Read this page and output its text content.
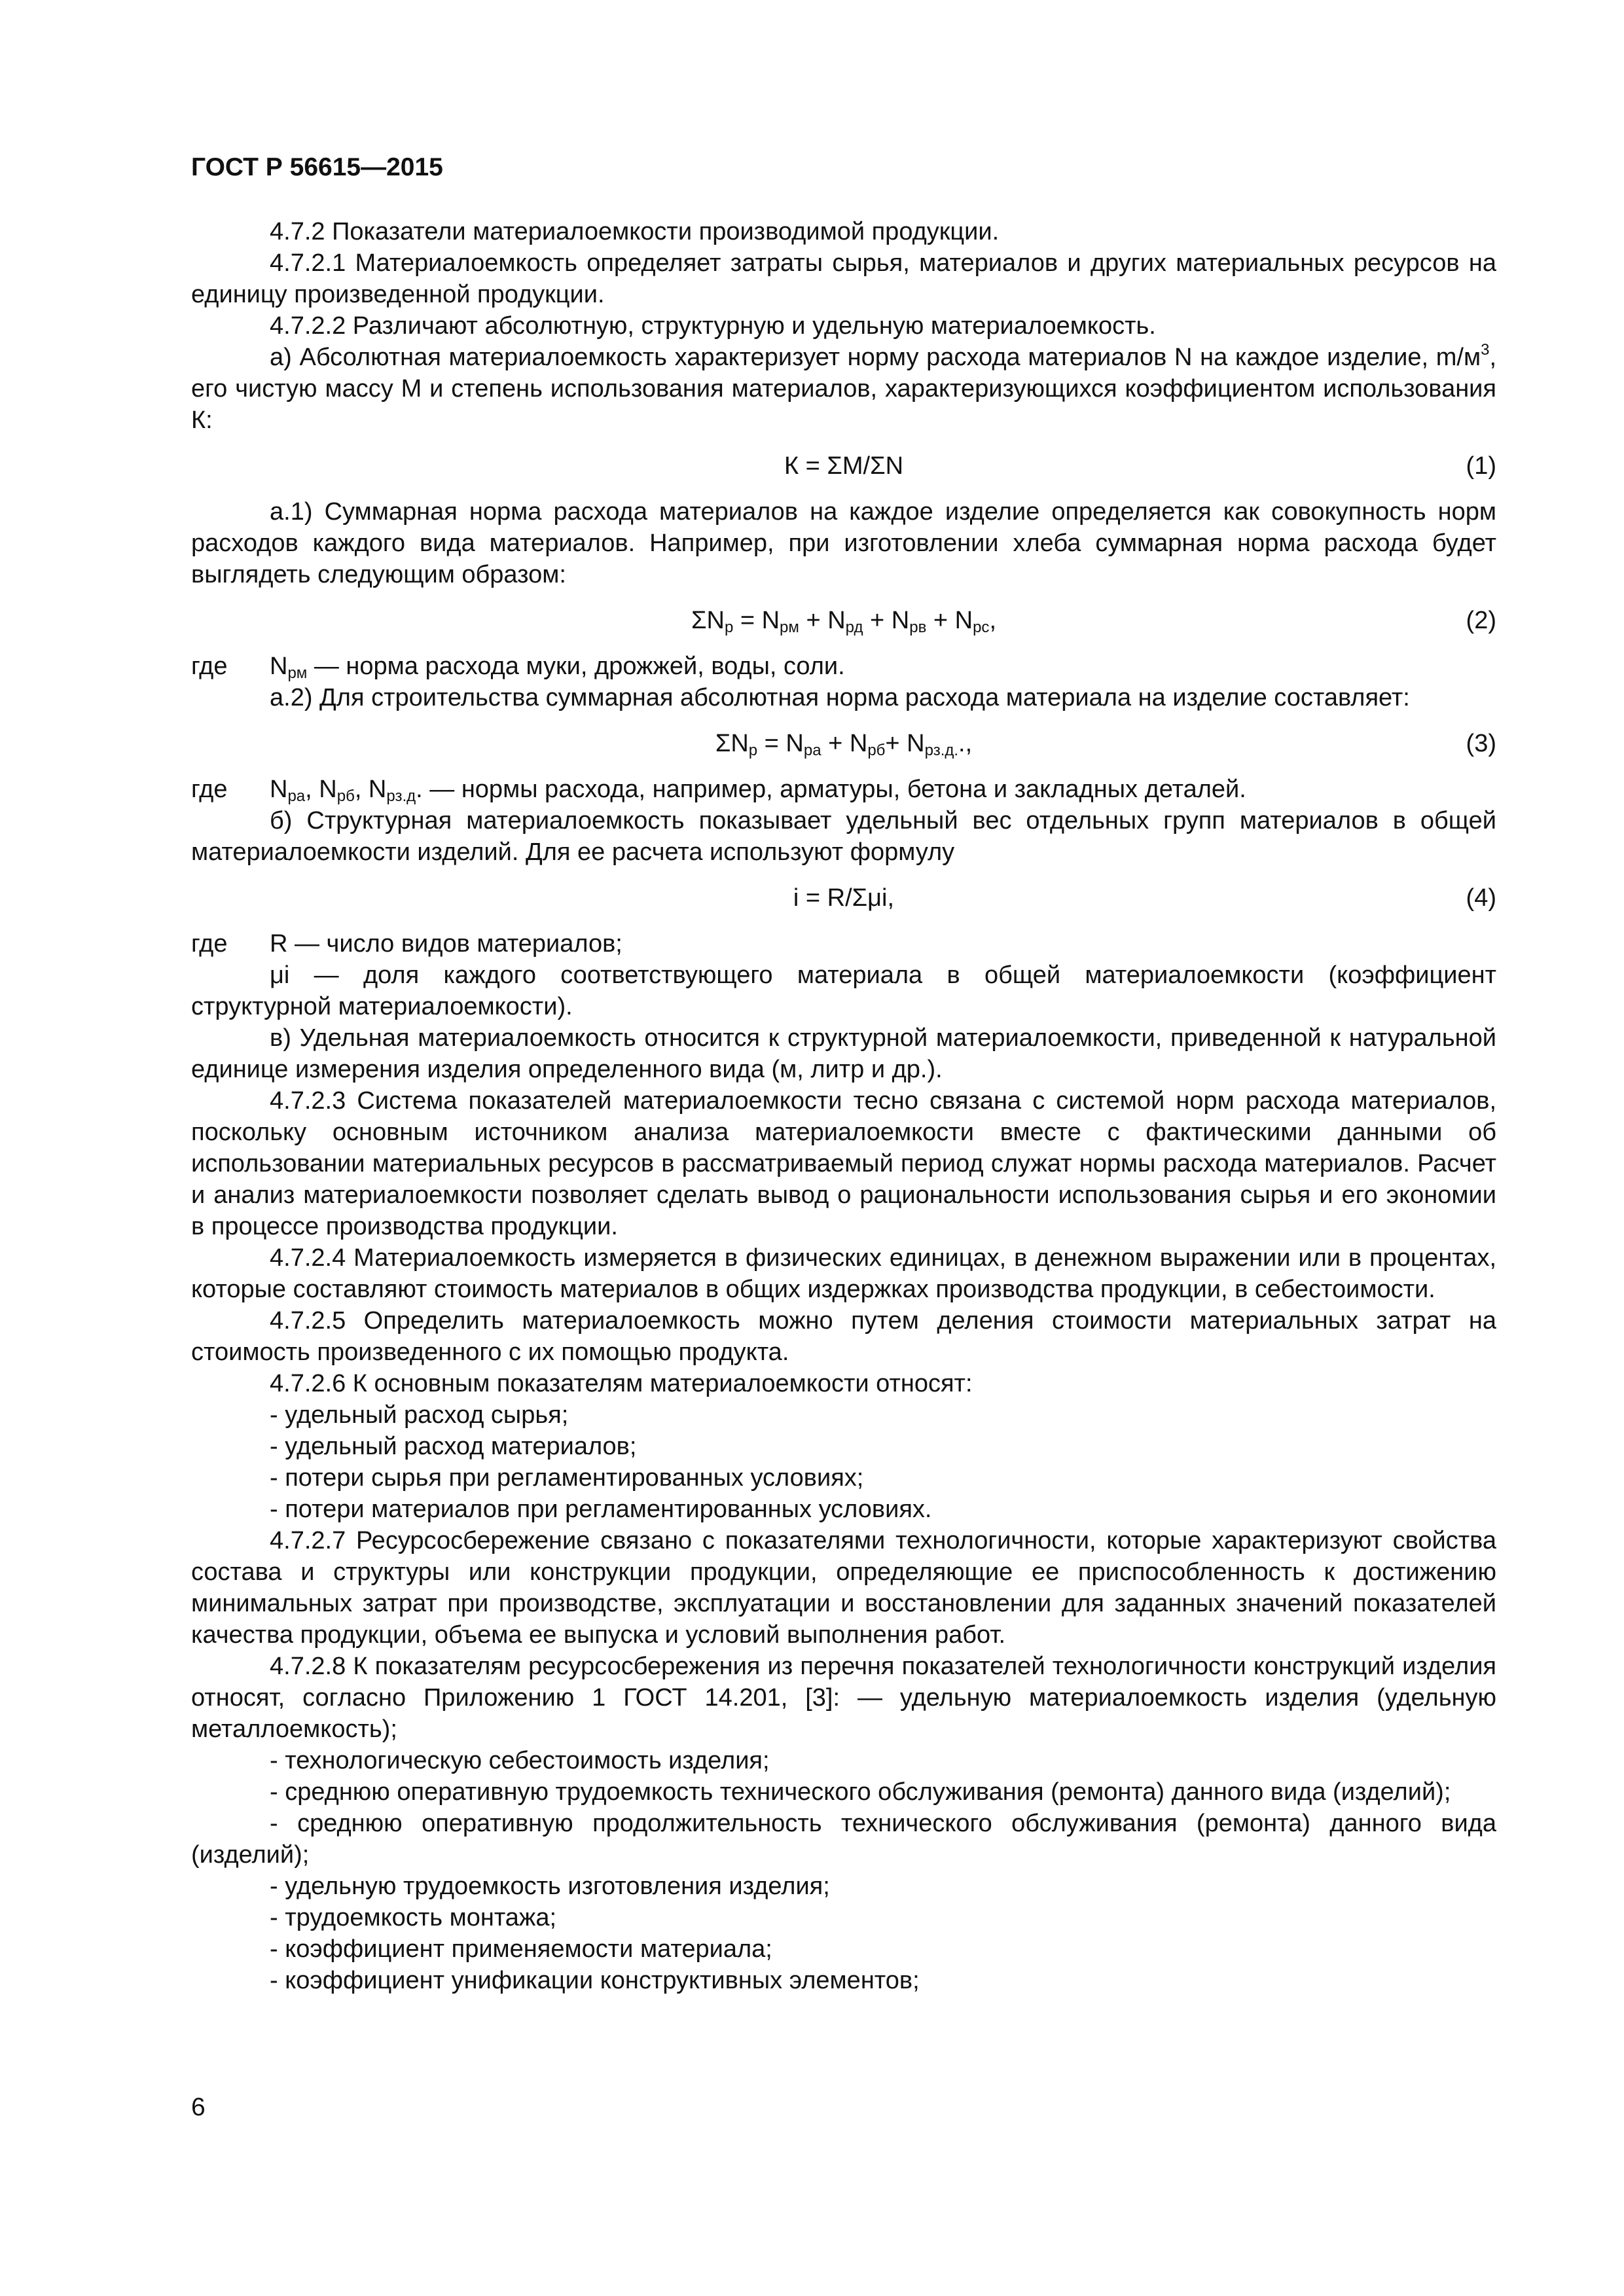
ГОСТ Р 56615—2015

4.7.2 Показатели материалоемкости производимой продукции.

4.7.2.1 Материалоемкость определяет затраты сырья, материалов и других материальных ресурсов на единицу произведенной продукции.

4.7.2.2 Различают абсолютную, структурную и удельную материалоемкость.

а) Абсолютная материалоемкость характеризует норму расхода материалов N на каждое изделие, $m/м^3$, его чистую массу М и степень использования материалов, характеризующихся коэффициентом использования К:

К = ΣМ/ΣN	(1)

а.1) Суммарная норма расхода материалов на каждое изделие определяется как совокупность норм расходов каждого вида материалов. Например, при изготовлении хлеба суммарная норма расхода будет выглядеть следующим образом:

$\Sigma N_р = N_{рм} + N_{рд} + N_{рв} + N_{рс}$,	(2)
где	$N_{рм}$ — норма расхода муки, дрожжей, воды, соли.

а.2) Для строительства суммарная абсолютная норма расхода материала на изделие составляет:

$\Sigma N_р = N_{ра} + N_{рб}+ N_{рз.д.}$.,	(3)
где	$N_{ра}$, $N_{рб}$, $N_{рз.д}$. — нормы расхода, например, арматуры, бетона и закладных деталей.

б) Структурная материалоемкость показывает удельный вес отдельных групп материалов в общей материалоемкости изделий. Для ее расчета используют формулу

i = R/Σμi,	(4)
где	R — число видов материалов;

μi — доля каждого соответствующего материала в общей материалоемкости (коэффициент

структурной материалоемкости).

в) Удельная материалоемкость относится к структурной материалоемкости, приведенной к натуральной единице измерения изделия определенного вида (м, литр и др.).

4.7.2.3 Система показателей материалоемкости тесно связана с системой норм расхода материалов, поскольку основным источником анализа материалоемкости вместе с фактическими данными об использовании материальных ресурсов в рассматриваемый период служат нормы расхода материалов. Расчет и анализ материалоемкости позволяет сделать вывод о рациональности использования сырья и его экономии в процессе производства продукции.

4.7.2.4 Материалоемкость измеряется в физических единицах, в денежном выражении или в процентах, которые составляют стоимость материалов в общих издержках производства продукции, в себестоимости.

4.7.2.5 Определить материалоемкость можно путем деления стоимости материальных затрат на стоимость произведенного с их помощью продукта.

4.7.2.6 К основным показателям материалоемкости относят:

- удельный расход сырья;

- удельный расход материалов;

- потери сырья при регламентированных условиях;

- потери материалов при регламентированных условиях.

4.7.2.7 Ресурсосбережение связано с показателями технологичности, которые характеризуют свойства состава и структуры или конструкции продукции, определяющие ее приспособленность к достижению минимальных затрат при производстве, эксплуатации и восстановлении для заданных значений показателей качества продукции, объема ее выпуска и условий выполнения работ.

4.7.2.8 К показателям ресурсосбережения из перечня показателей технологичности конструкций изделия относят, согласно Приложению 1 ГОСТ 14.201, [3]: — удельную материалоемкость изделия (удельную металлоемкость);

- технологическую себестоимость изделия;

- среднюю оперативную трудоемкость технического обслуживания (ремонта) данного вида (изделий);

- среднюю оперативную продолжительность технического обслуживания (ремонта) данного вида (изделий);

- удельную трудоемкость изготовления изделия;

- трудоемкость монтажа;

- коэффициент применяемости материала;

- коэффициент унификации конструктивных элементов;

6
